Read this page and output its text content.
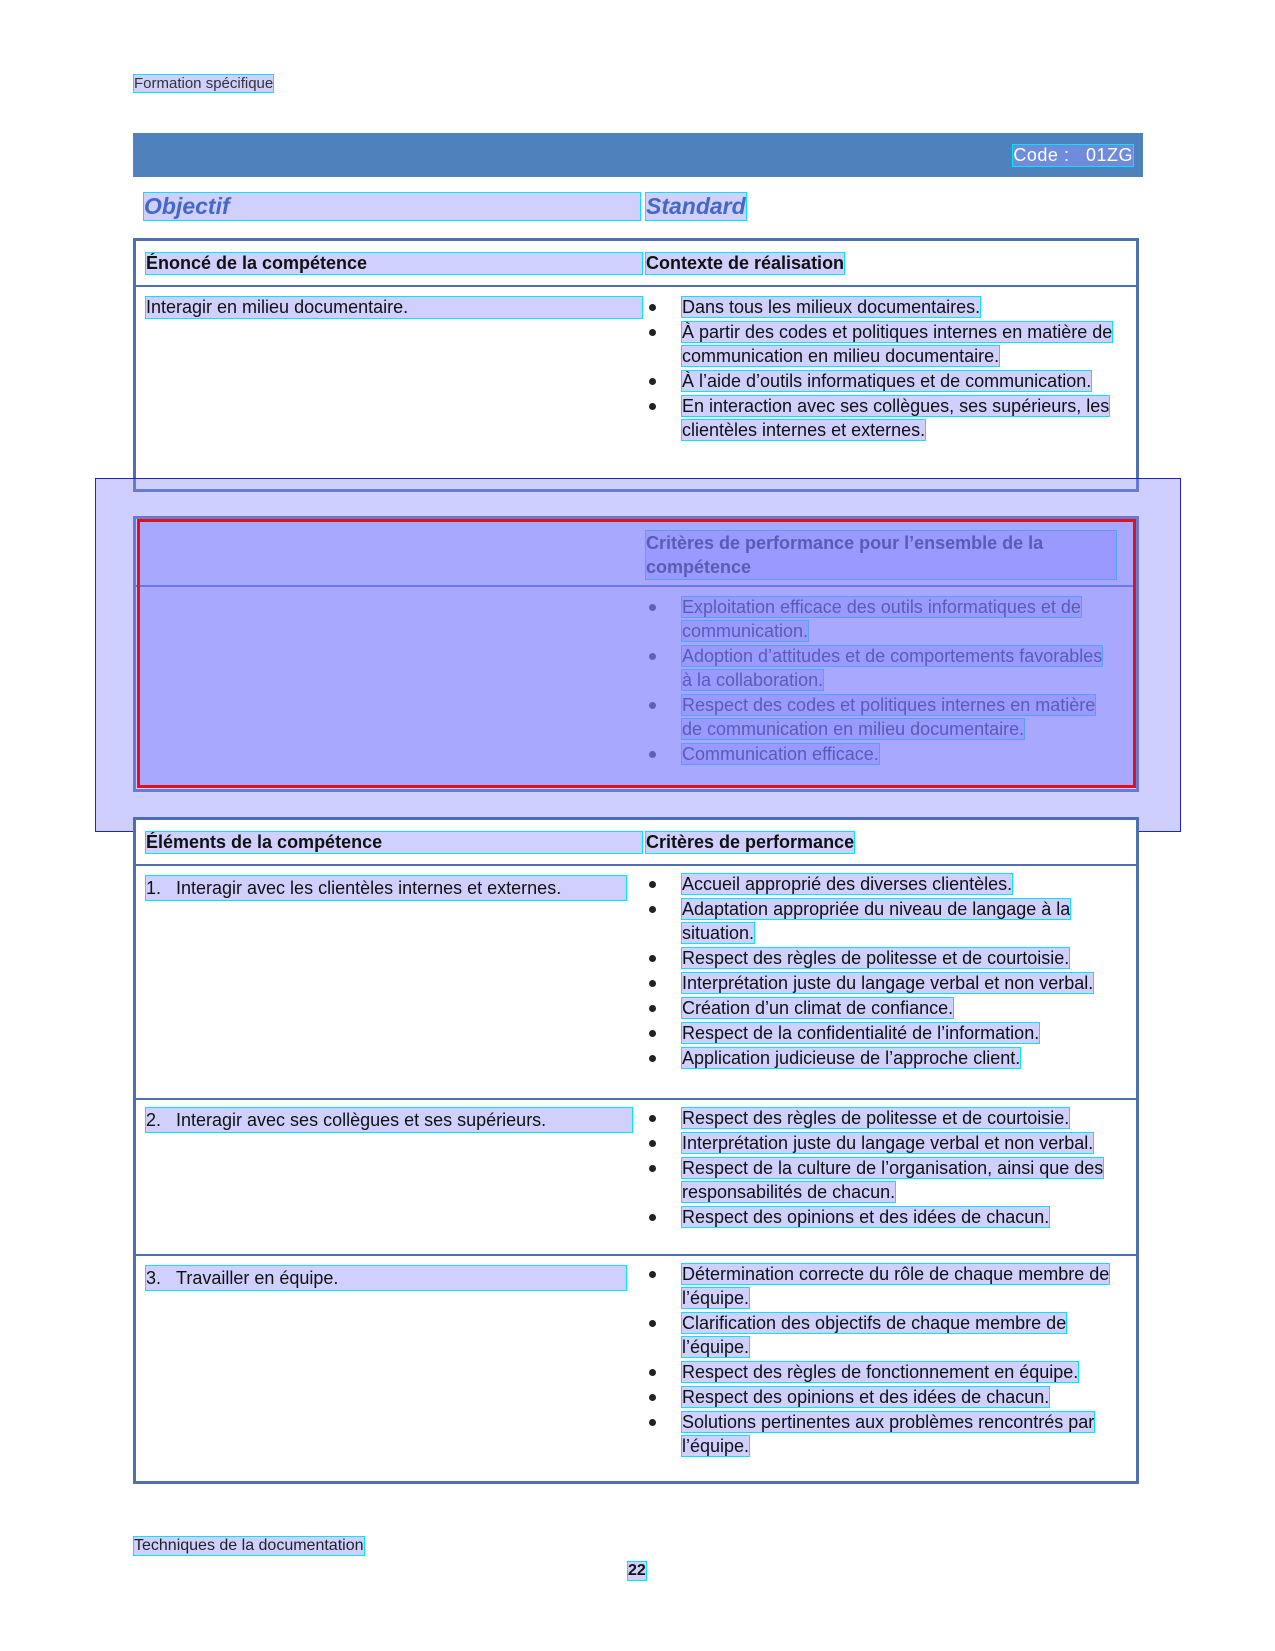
Formation spécifique
Code : 01ZG
Objectif	Standard
Énoncé de la compétence	Contexte de réalisation
Interagir en milieu documentaire.	Dans tous les milieux documentaires.
À partir des codes et politiques internes en matière de communication en milieu documentaire.
À l’aide d’outils informatiques et de communication.
En interaction avec ses collègues, ses supérieurs, les clientèles internes et externes.
Critères de performance pour l’ensemble de la compétence
Exploitation efficace des outils informatiques et de communication.
Adoption d’attitudes et de comportements favorables à la collaboration.
Respect des codes et politiques internes en matière de communication en milieu documentaire.
Communication efficace.
Éléments de la compétence	Critères de performance
1. Interagir avec les clientèles internes et externes.	Accueil approprié des diverses clientèles.
Adaptation appropriée du niveau de langage à la situation.
Respect des règles de politesse et de courtoisie.
Interprétation juste du langage verbal et non verbal.
Création d’un climat de confiance.
Respect de la confidentialité de l’information.
Application judicieuse de l’approche client.
2. Interagir avec ses collègues et ses supérieurs.	Respect des règles de politesse et de courtoisie.
Interprétation juste du langage verbal et non verbal.
Respect de la culture de l’organisation, ainsi que des responsabilités de chacun.
Respect des opinions et des idées de chacun.
3. Travailler en équipe.	Détermination correcte du rôle de chaque membre de l’équipe.
Clarification des objectifs de chaque membre de l’équipe.
Respect des règles de fonctionnement en équipe.
Respect des opinions et des idées de chacun.
Solutions pertinentes aux problèmes rencontrés par l’équipe.
Techniques de la documentation
22
